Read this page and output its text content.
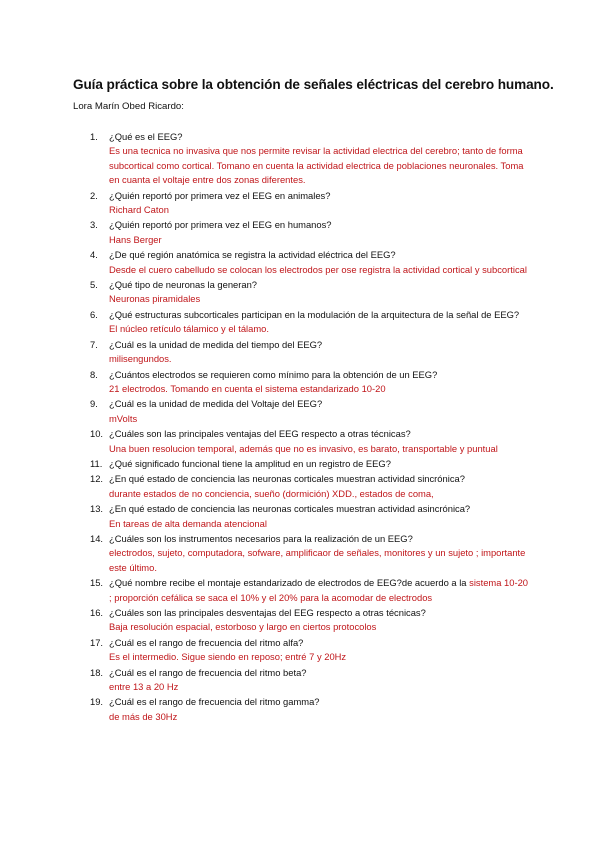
Guía práctica sobre la obtención de señales eléctricas del cerebro humano.
Lora Marín Obed Ricardo:
1. ¿Qué es el EEG?
Es una tecnica no invasiva que nos permite revisar la actividad electrica del cerebro; tanto de forma subcortical como cortical. Tomano en cuenta la actividad electrica de poblaciones neuronales. Toma en cuanta el voltaje entre dos zonas diferentes.
2. ¿Quién reportó por primera vez el EEG en animales?
Richard Caton
3. ¿Quién reportó por primera vez el EEG en humanos?
Hans Berger
4. ¿De qué región anatómica se registra la actividad eléctrica del EEG?
Desde el cuero cabelludo se colocan los electrodos per ose registra la actividad cortical y subcortical
5. ¿Qué tipo de neuronas la generan?
Neuronas piramidales
6. ¿Qué estructuras subcorticales participan en la modulación de la arquitectura de la señal de EEG?
El núcleo retículo tálamico y el tálamo.
7. ¿Cuál es la unidad de medida del tiempo del EEG?
milisengundos.
8. ¿Cuántos electrodos se requieren como mínimo para la obtención de un EEG?
21 electrodos. Tomando en cuenta el sistema estandarizado 10-20
9. ¿Cuál es la unidad de medida del Voltaje del EEG?
mVolts
10. ¿Cuáles son las principales ventajas del EEG respecto a otras técnicas?
Una buen resolucion temporal, además que no es invasivo, es barato, transportable y puntual
11. ¿Qué significado funcional tiene la amplitud en un registro de EEG?
12. ¿En qué estado de conciencia las neuronas corticales muestran actividad sincrónica?
durante estados de no conciencia, sueño (dormición) XDD., estados de coma,
13. ¿En qué estado de conciencia las neuronas corticales muestran actividad asincrónica?
En tareas de alta demanda atencional
14. ¿Cuáles son los instrumentos necesarios para la realización de un EEG?
electrodos, sujeto, computadora, sofware, amplificaor de señales, monitores y un sujeto ; importante este último.
15. ¿Qué nombre recibe el montaje estandarizado de electrodos de EEG?de acuerdo a la sistema 10-20 ; proporción cefálica se saca el 10% y el 20% para la acomodar de electrodos
16. ¿Cuáles son las principales desventajas del EEG respecto a otras técnicas?
Baja resolución espacial, estorboso y largo en ciertos protocolos
17. ¿Cuál es el rango de frecuencia del ritmo alfa?
Es el intermedio. Sigue siendo en reposo; entré 7 y 20Hz
18. ¿Cuál es el rango de frecuencia del ritmo beta?
entre 13 a 20 Hz
19. ¿Cuál es el rango de frecuencia del ritmo gamma?
de más de 30Hz
